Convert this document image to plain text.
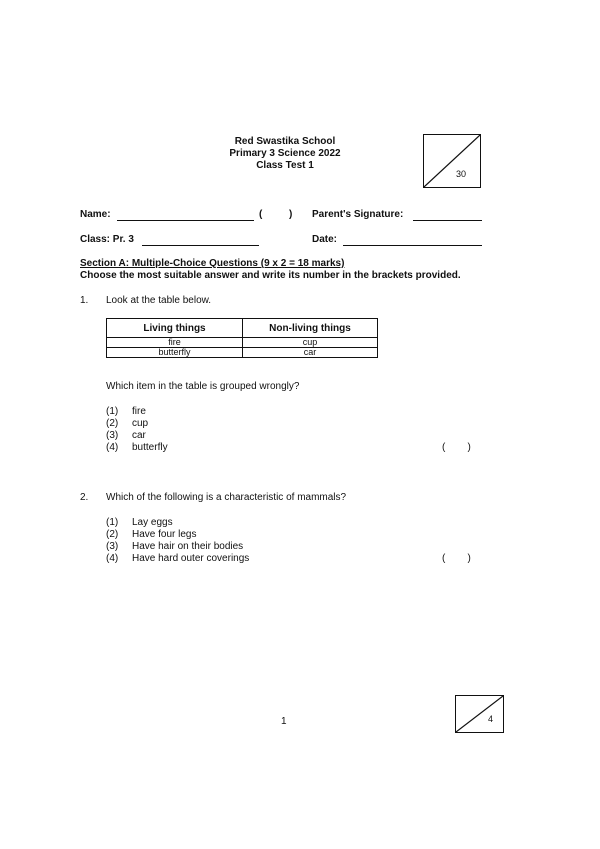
Red Swastika School
Primary 3 Science 2022
Class Test 1
30
Name:	(	) Parent's Signature:
Class: Pr. 3	Date:
Section A: Multiple-Choice Questions (9 x 2 = 18 marks)
Choose the most suitable answer and write its number in the brackets provided.
1. Look at the table below.
Living things	Non-living things
fire	cup
butterfly	car
Which item in the table is grouped wrongly?
(1) fire
(2) cup
(3) car
(4) butterfly	(        )
2. Which of the following is a characteristic of mammals?
(1) Lay eggs
(2) Have four legs
(3) Have hair on their bodies
(4) Have hard outer coverings	(        )
1	4
